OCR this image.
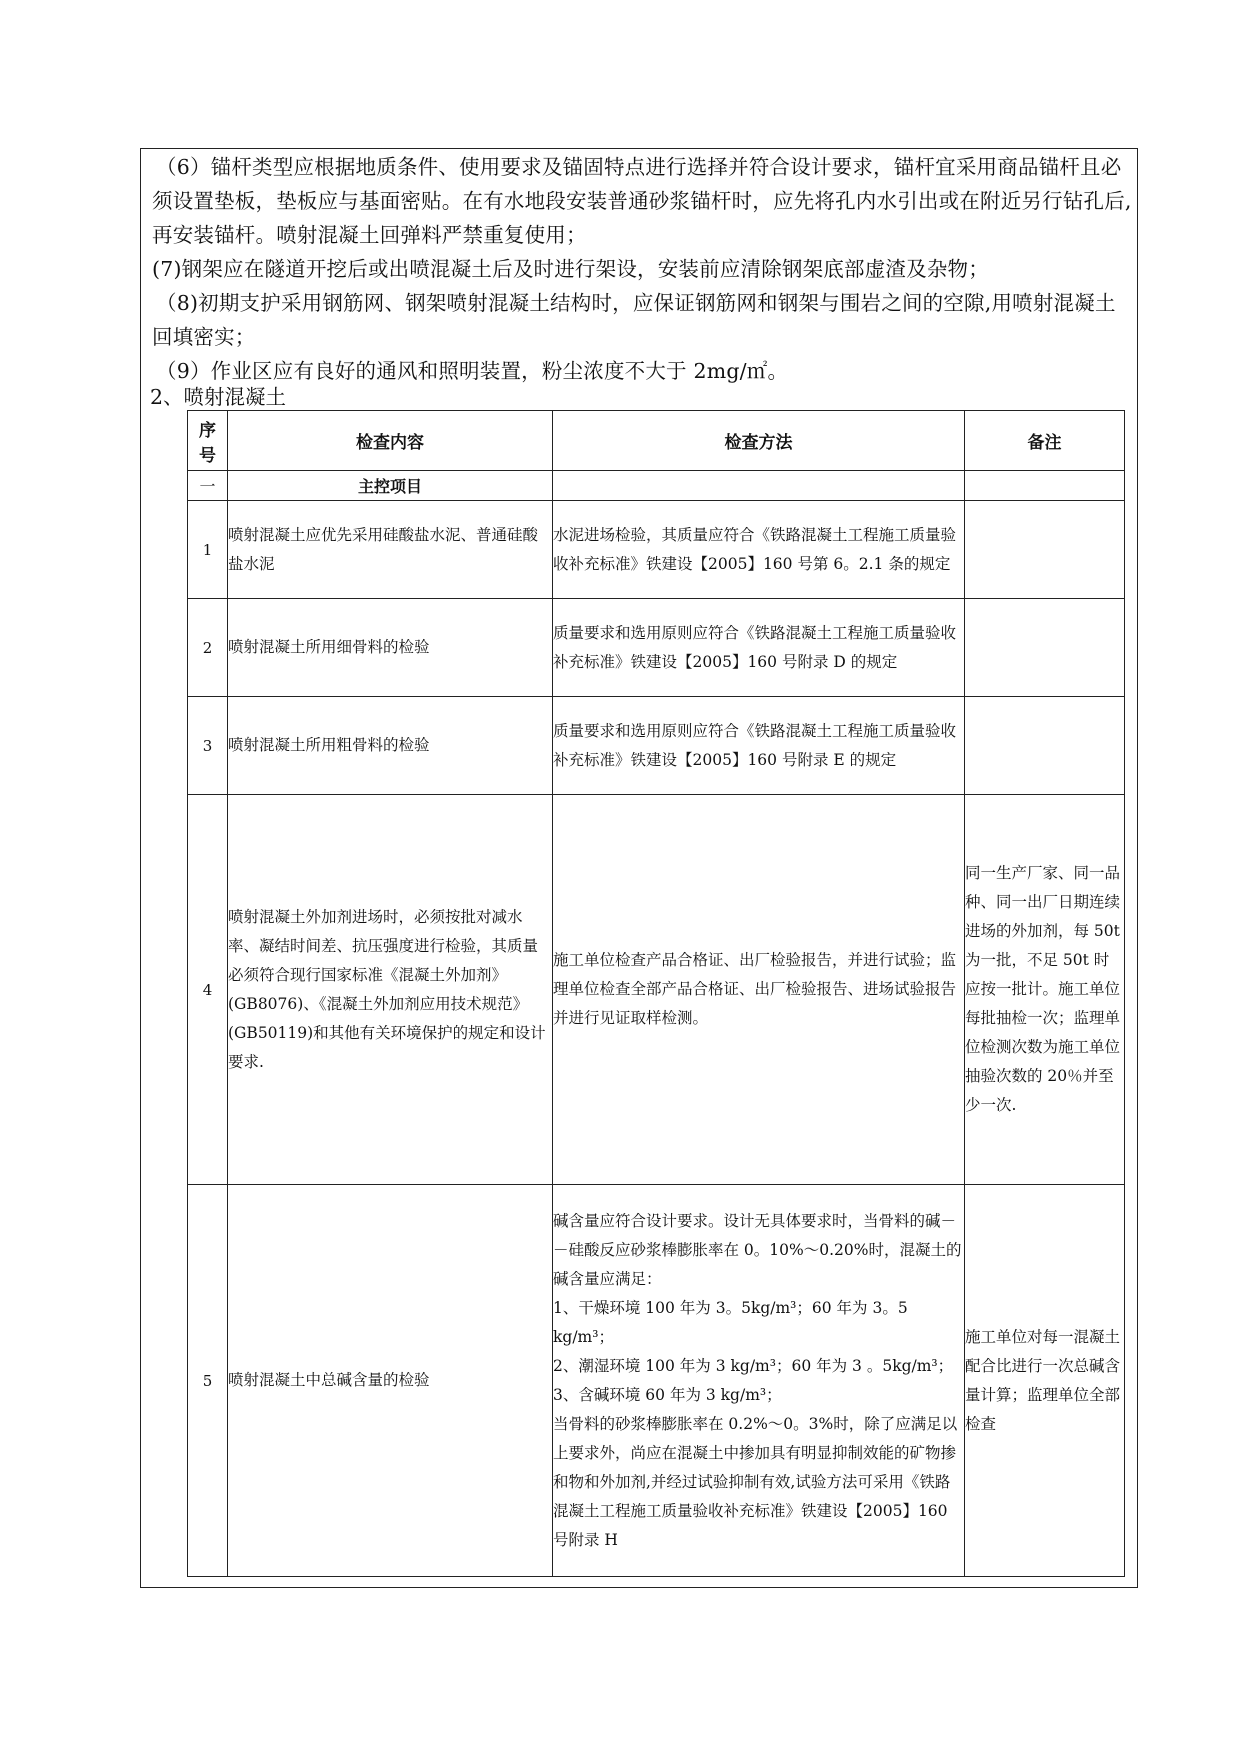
（6）锚杆类型应根据地质条件、使用要求及锚固特点进行选择并符合设计要求，锚杆宜采用商品锚杆且必须设置垫板，垫板应与基面密贴。在有水地段安装普通砂浆锚杆时，应先将孔内水引出或在附近另行钻孔后,再安装锚杆。喷射混凝土回弹料严禁重复使用；

(7)钢架应在隧道开挖后或出喷混凝土后及时进行架设，安装前应清除钢架底部虚渣及杂物；

（8)初期支护采用钢筋网、钢架喷射混凝土结构时，应保证钢筋网和钢架与围岩之间的空隙,用喷射混凝土回填密实；

（9）作业区应有良好的通风和照明装置，粉尘浓度不大于 2mg/㎡。

2、喷射混凝土

序
号	检查内容	检查方法	备注
一	主控项目		
1	喷射混凝土应优先采用硅酸盐水泥、普通硅酸盐水泥	水泥进场检验，其质量应符合《铁路混凝土工程施工质量验收补充标准》铁建设【2005】160 号第 6。2.1 条的规定	
2	喷射混凝土所用细骨料的检验	质量要求和选用原则应符合《铁路混凝土工程施工质量验收补充标准》铁建设【2005】160 号附录 D 的规定	
3	喷射混凝土所用粗骨料的检验	质量要求和选用原则应符合《铁路混凝土工程施工质量验收补充标准》铁建设【2005】160 号附录 E 的规定	
4	喷射混凝土外加剂进场时，必须按批对减水率、凝结时间差、抗压强度进行检验，其质量必须符合现行国家标准《混凝土外加剂》(GB8076)、《混凝土外加剂应用技术规范》(GB50119)和其他有关环境保护的规定和设计要求.	施工单位检查产品合格证、出厂检验报告，并进行试验；监理单位检查全部产品合格证、出厂检验报告、进场试验报告并进行见证取样检测。	同一生产厂家、同一品种、同一出厂日期连续进场的外加剂，每 50t 为一批，不足 50t 时应按一批计。施工单位每批抽检一次；监理单位检测次数为施工单位抽验次数的 20％并至少一次.
5	喷射混凝土中总碱含量的检验	碱含量应符合设计要求。设计无具体要求时，当骨料的碱－－硅酸反应砂浆棒膨胀率在 0。10%～0.20%时，混凝土的碱含量应满足：
1、干燥环境 100 年为 3。5kg/m³；60 年为 3。5 kg/m³；
2、潮湿环境 100 年为 3 kg/m³；60 年为 3 。5kg/m³；
3、含碱环境 60 年为 3 kg/m³；
当骨料的砂浆棒膨胀率在 0.2%～0。3%时，除了应满足以上要求外，尚应在混凝土中掺加具有明显抑制效能的矿物掺和物和外加剂,并经过试验抑制有效,试验方法可采用《铁路混凝土工程施工质量验收补充标准》铁建设【2005】160 号附录 H	施工单位对每一混凝土配合比进行一次总碱含量计算；监理单位全部检查
